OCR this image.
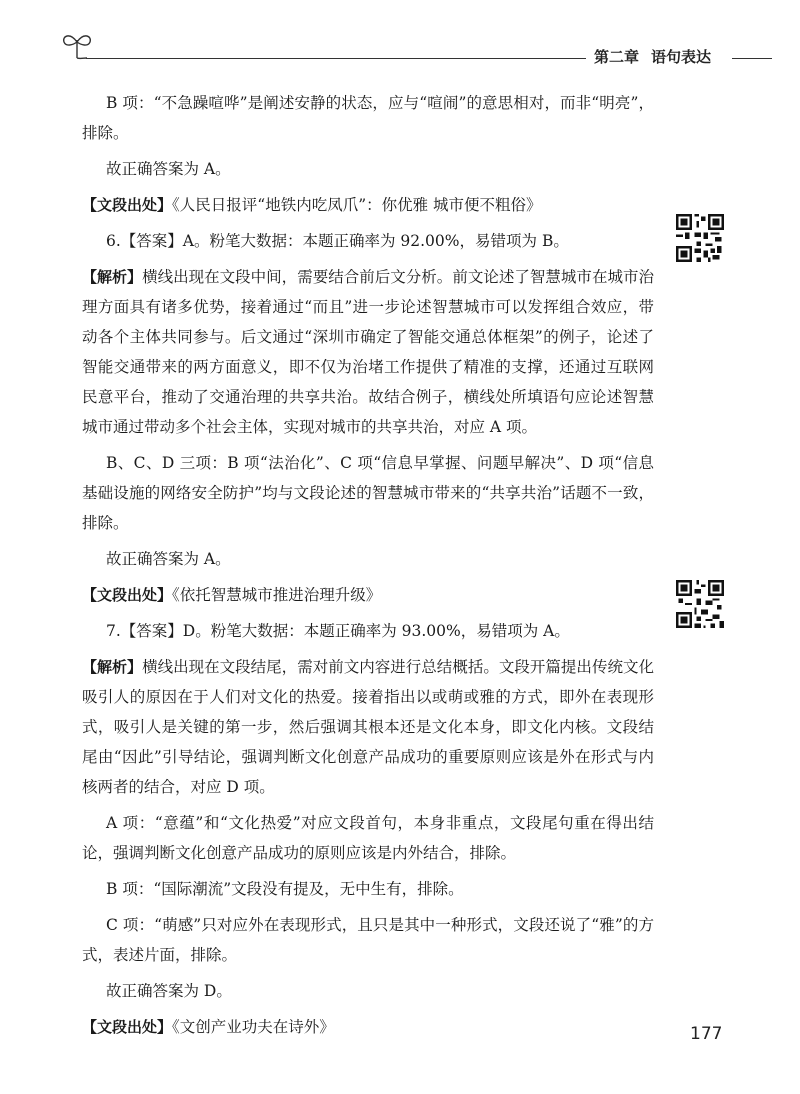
第二章 语句表达

B 项：“不急躁喧哗”是阐述安静的状态，应与“喧闹”的意思相对，而非“明亮”，排除。

故正确答案为 A。

【文段出处】《人民日报评“地铁内吃凤爪”：你优雅 城市便不粗俗》

6.【答案】A。粉笔大数据：本题正确率为 92.00%，易错项为 B。

【解析】横线出现在文段中间，需要结合前后文分析。前文论述了智慧城市在城市治理方面具有诸多优势，接着通过“而且”进一步论述智慧城市可以发挥组合效应，带动各个主体共同参与。后文通过“深圳市确定了智能交通总体框架”的例子，论述了智能交通带来的两方面意义，即不仅为治堵工作提供了精准的支撑，还通过互联网民意平台，推动了交通治理的共享共治。故结合例子，横线处所填语句应论述智慧城市通过带动多个社会主体，实现对城市的共享共治，对应 A 项。

B、C、D 三项：B 项“法治化”、C 项“信息早掌握、问题早解决”、D 项“信息基础设施的网络安全防护”均与文段论述的智慧城市带来的“共享共治”话题不一致，排除。

故正确答案为 A。

【文段出处】《依托智慧城市推进治理升级》

7.【答案】D。粉笔大数据：本题正确率为 93.00%，易错项为 A。

【解析】横线出现在文段结尾，需对前文内容进行总结概括。文段开篇提出传统文化吸引人的原因在于人们对文化的热爱。接着指出以或萌或雅的方式，即外在表现形式，吸引人是关键的第一步，然后强调其根本还是文化本身，即文化内核。文段结尾由“因此”引导结论，强调判断文化创意产品成功的重要原则应该是外在形式与内核两者的结合，对应 D 项。

A 项：“意蕴”和“文化热爱”对应文段首句，本身非重点，文段尾句重在得出结论，强调判断文化创意产品成功的原则应该是内外结合，排除。

B 项：“国际潮流”文段没有提及，无中生有，排除。

C 项：“萌感”只对应外在表现形式，且只是其中一种形式，文段还说了“雅”的方式，表述片面，排除。

故正确答案为 D。

【文段出处】《文创产业功夫在诗外》	177
